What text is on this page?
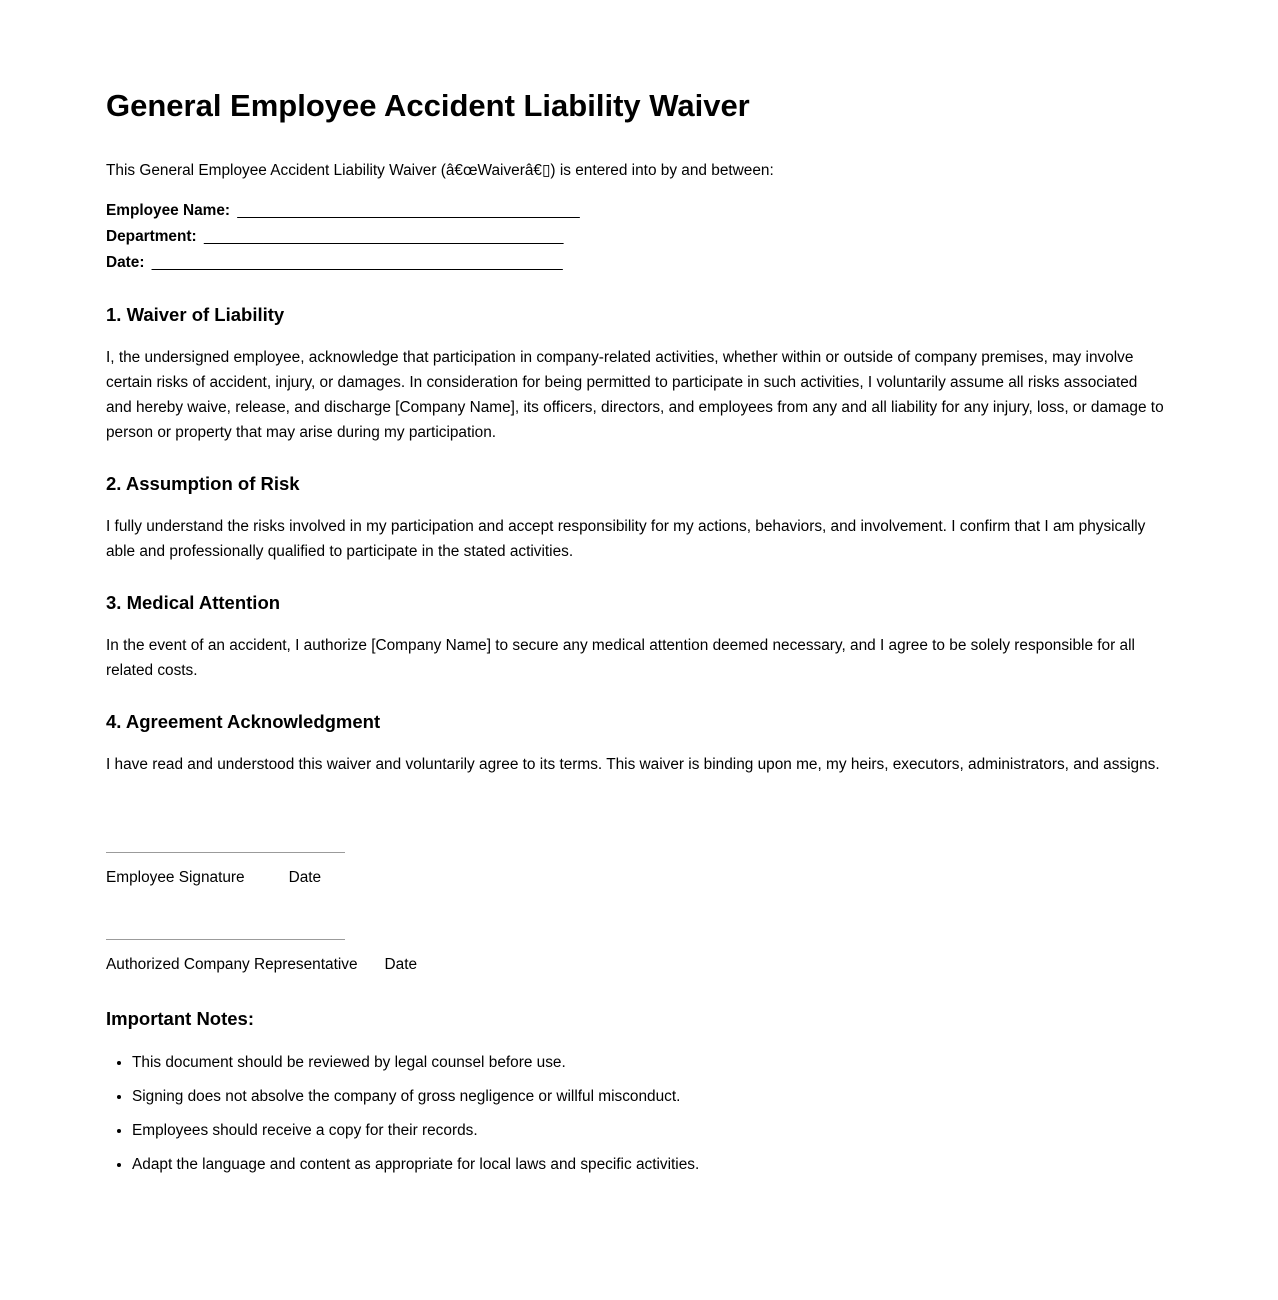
General Employee Accident Liability Waiver

This General Employee Accident Liability Waiver (â€œWaiverâ€▯) is entered into by and between:

Employee Name: ________________________________________

Department: __________________________________________

Date: ________________________________________________

1. Waiver of Liability

I, the undersigned employee, acknowledge that participation in company-related activities, whether within or outside of company premises, may involve certain risks of accident, injury, or damages. In consideration for being permitted to participate in such activities, I voluntarily assume all risks associated and hereby waive, release, and discharge [Company Name], its officers, directors, and employees from any and all liability for any injury, loss, or damage to person or property that may arise during my participation.

2. Assumption of Risk

I fully understand the risks involved in my participation and accept responsibility for my actions, behaviors, and involvement. I confirm that I am physically able and professionally qualified to participate in the stated activities.

3. Medical Attention

In the event of an accident, I authorize [Company Name] to secure any medical attention deemed necessary, and I agree to be solely responsible for all related costs.

4. Agreement Acknowledgment

I have read and understood this waiver and voluntarily agree to its terms. This waiver is binding upon me, my heirs, executors, administrators, and assigns.

Employee Signature	Date

Authorized Company Representative Date

Important Notes:
• This document should be reviewed by legal counsel before use.
• Signing does not absolve the company of gross negligence or willful misconduct.
• Employees should receive a copy for their records.
• Adapt the language and content as appropriate for local laws and specific activities.
